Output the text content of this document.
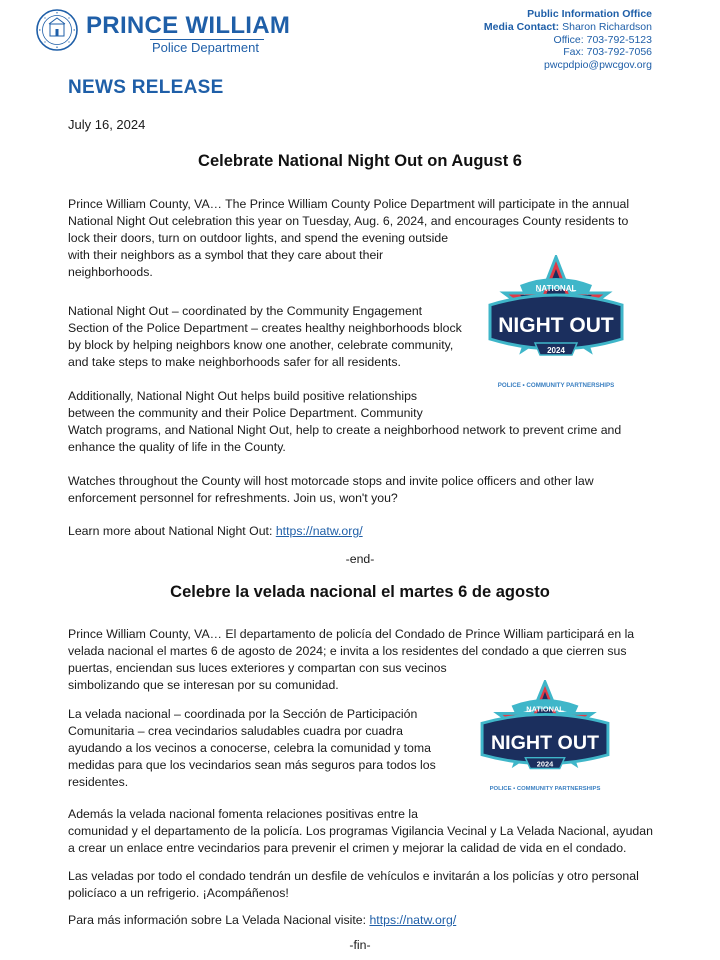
PRINCE WILLIAM
Police Department
Public Information Office
Media Contact: Sharon Richardson
Office: 703-792-5123
Fax: 703-792-7056
pwcpdpio@pwcgov.org
NEWS RELEASE
July 16, 2024
Celebrate National Night Out on August 6
Prince William County, VA… The Prince William County Police Department will participate in the annual
National Night Out celebration this year on Tuesday, Aug. 6, 2024, and encourages County residents to
lock their doors, turn on outdoor lights, and spend the evening outside
with their neighbors as a symbol that they care about their
neighborhoods.
National Night Out – coordinated by the Community Engagement
Section of the Police Department – creates healthy neighborhoods block
by block by helping neighbors know one another, celebrate community,
and take steps to make neighborhoods safer for all residents.
Additionally, National Night Out helps build positive relationships
between the community and their Police Department. Community
Watch programs, and National Night Out, help to create a neighborhood network to prevent crime and
enhance the quality of life in the County.
Watches throughout the County will host motorcade stops and invite police officers and other law
enforcement personnel for refreshments. Join us, won't you?
Learn more about National Night Out: https://natw.org/
-end-
Celebre la velada nacional el martes 6 de agosto
Prince William County, VA… El departamento de policía del Condado de Prince William participará en la
velada nacional el martes 6 de agosto de 2024; e invita a los residentes del condado a que cierren sus
puertas, enciendan sus luces exteriores y compartan con sus vecinos
simbolizando que se interesan por su comunidad.
La velada nacional – coordinada por la Sección de Participación
Comunitaria – crea vecindarios saludables cuadra por cuadra
ayudando a los vecinos a conocerse, celebra la comunidad y toma
medidas para que los vecindarios sean más seguros para todos los
residentes.
Además la velada nacional fomenta relaciones positivas entre la
comunidad y el departamento de la policía. Los programas Vigilancia Vecinal y La Velada Nacional, ayudan
a crear un enlace entre vecindarios para prevenir el crimen y mejorar la calidad de vida en el condado.
Las veladas por todo el condado tendrán un desfile de vehículos e invitarán a los policías y otro personal
policíaco a un refrigerio. ¡Acompáñenos!
Para más información sobre La Velada Nacional visite: https://natw.org/
-fin-
NATIONAL
NIGHT OUT
2024
POLICE • COMMUNITY PARTNERSHIPS
NATIONAL
NIGHT OUT
2024
POLICE • COMMUNITY PARTNERSHIPS
